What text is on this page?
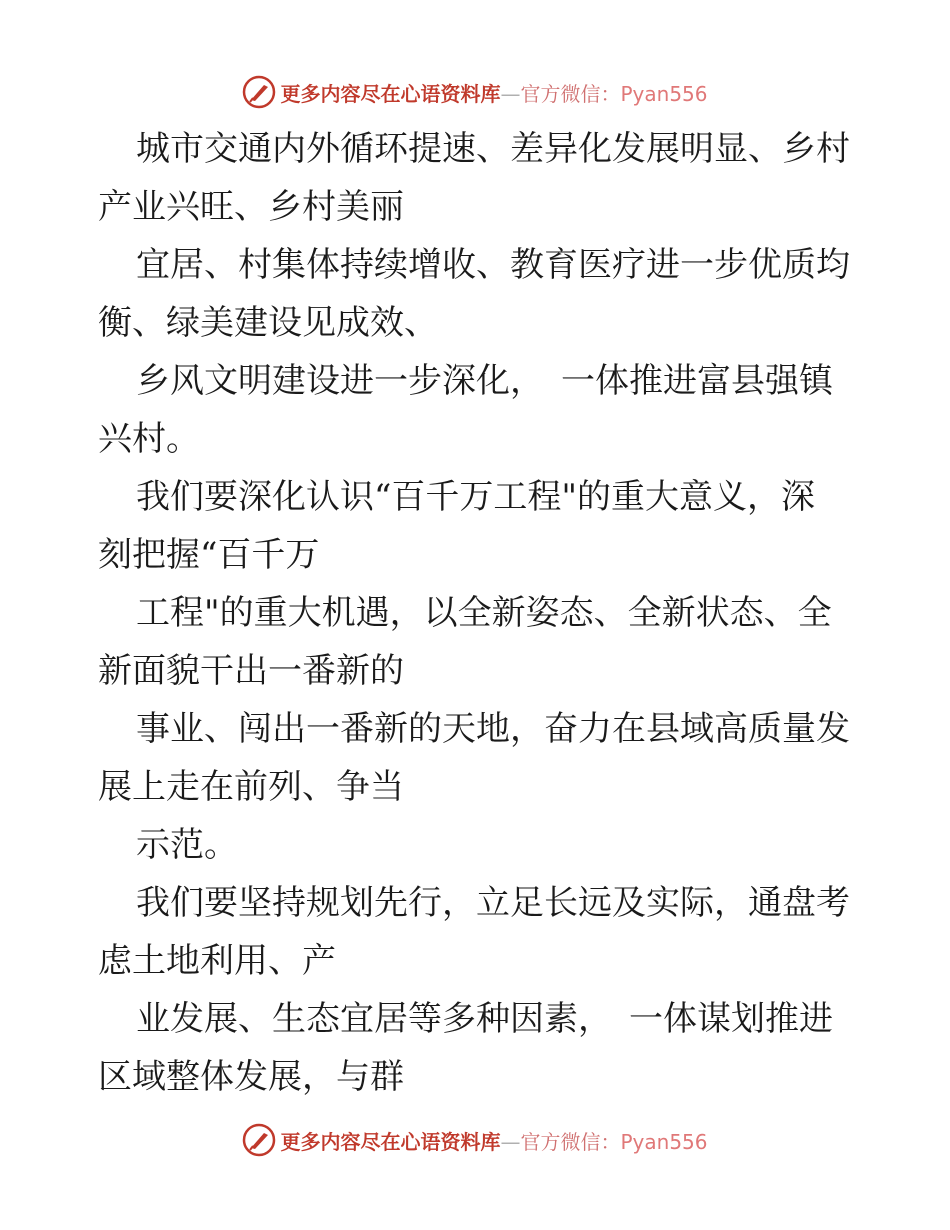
更多内容尽在心语资料库—官方微信：Pyan556
城市交通内外循环提速、差异化发展明显、乡村
产业兴旺、乡村美丽
宜居、村集体持续增收、教育医疗进一步优质均
衡、绿美建设见成效、
乡风文明建设进一步深化，　一体推进富县强镇
兴村。
我们要深化认识“百千万工程"的重大意义，深
刻把握“百千万
工程"的重大机遇，以全新姿态、全新状态、全
新面貌干出一番新的
事业、闯出一番新的天地，奋力在县域高质量发
展上走在前列、争当
示范。
我们要坚持规划先行，立足长远及实际，通盘考
虑土地利用、产
业发展、生态宜居等多种因素，　一体谋划推进
区域整体发展，与群
更多内容尽在心语资料库—官方微信：Pyan556
